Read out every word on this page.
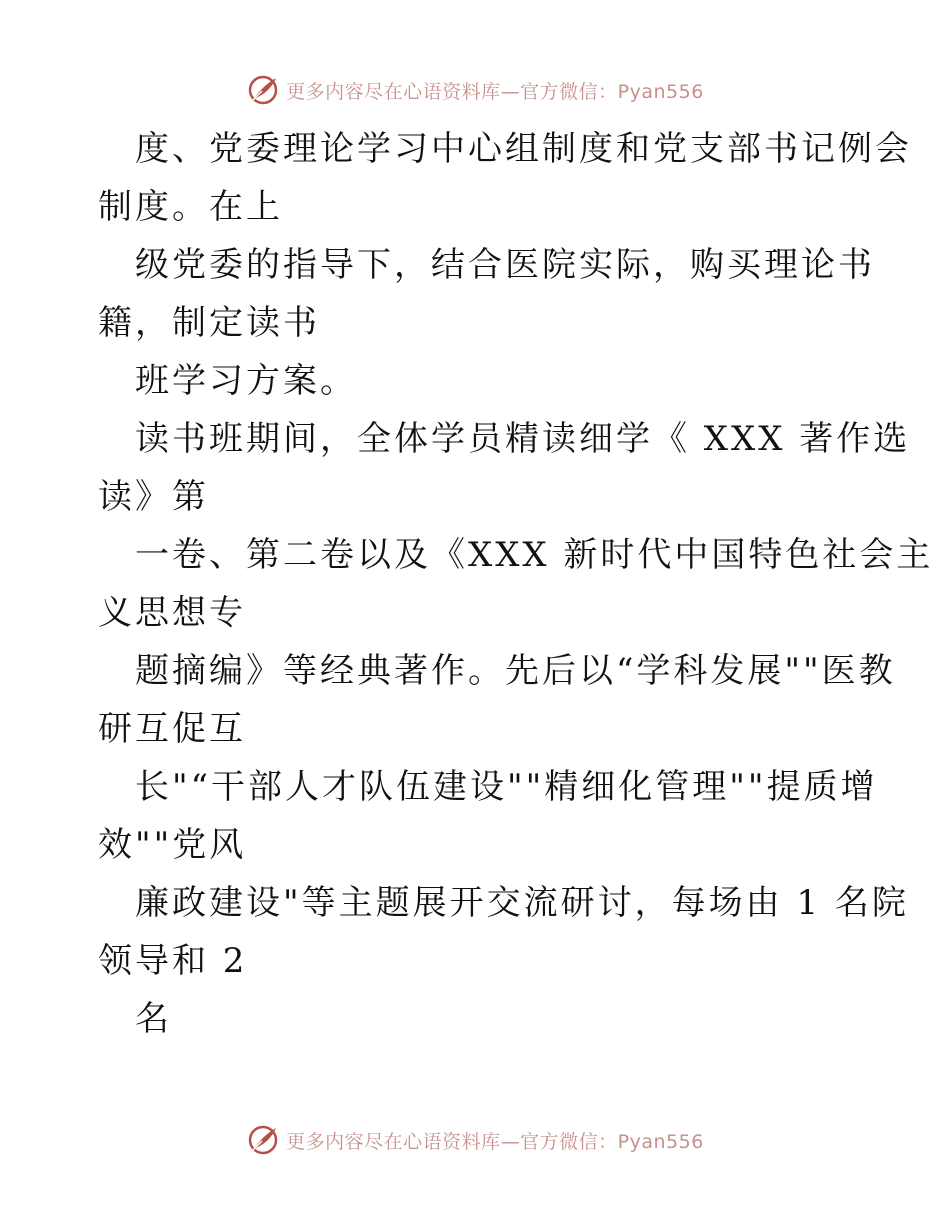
更多内容尽在心语资料库—官方微信：Pyan556
度、党委理论学习中心组制度和党支部书记例会
制度。在上
级党委的指导下，结合医院实际，购买理论书
籍，制定读书
班学习方案。
读书班期间，全体学员精读细学《 XXX 著作选
读》第
一卷、第二卷以及《XXX 新时代中国特色社会主
义思想专
题摘编》等经典著作。先后以“学科发展""医教
研互促互
长"“干部人才队伍建设""精细化管理""提质增
效""党风
廉政建设"等主题展开交流研讨，每场由 1 名院
领导和 2
名
更多内容尽在心语资料库—官方微信：Pyan556
